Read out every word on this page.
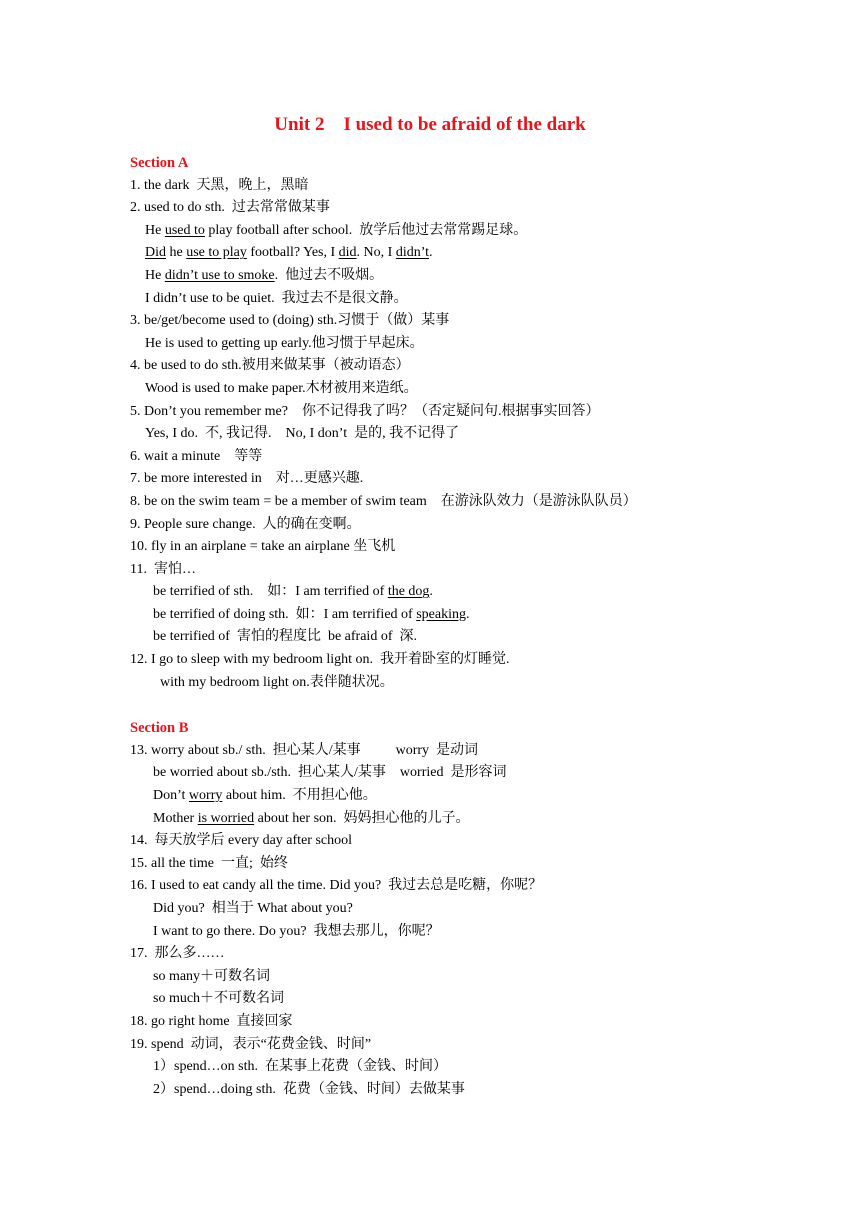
Unit 2    I used to be afraid of the dark
Section A
1. the dark  天黑，晚上，黑暗
2. used to do sth.  过去常常做某事
He used to play football after school.  放学后他过去常常踢足球。
Did he use to play football? Yes, I did. No, I didn’t.
He didn’t use to smoke.  他过去不吸烟。
I didn’t use to be quiet.  我过去不是很文静。
3. be/get/become used to (doing) sth.习惯于（做）某事
He is used to getting up early.他习惯于早起床。
4. be used to do sth.被用来做某事（被动语态）
Wood is used to make paper.木材被用来造纸。
5. Don’t you remember me?    你不记得我了吗？（否定疑问句.根据事实回答）
Yes, I do.  不, 我记得.    No, I don’t  是的, 我不记得了
6. wait a minute    等等
7. be more interested in    对…更感兴趣.
8. be on the swim team = be a member of swim team    在游泳队效力（是游泳队队员）
9. People sure change.  人的确在变啊。
10. fly in an airplane = take an airplane 坐飞机
11.  害怕…
be terrified of sth.    如：I am terrified of the dog.
be terrified of doing sth.  如：I am terrified of speaking.
be terrified of  害怕的程度比  be afraid of  深.
12. I go to sleep with my bedroom light on.  我开着卧室的灯睡觉.
with my bedroom light on.表伴随状况。
Section B
13. worry about sb./ sth.  担心某人/某事          worry  是动词
be worried about sb./sth.  担心某人/某事    worried  是形容词
Don’t worry about him.  不用担心他。
Mother is worried about her son.  妈妈担心他的儿子。
14.  每天放学后 every day after school
15. all the time  一直;  始终
16. I used to eat candy all the time. Did you?  我过去总是吃糖，你呢？
Did you?  相当于 What about you?
I want to go there. Do you?  我想去那儿，你呢？
17.  那么多……
so many＋可数名词
so much＋不可数名词
18. go right home  直接回家
19. spend  动词，表示“花费金钱、时间”
1）spend…on sth.  在某事上花费（金钱、时间）
2）spend…doing sth.  花费（金钱、时间）去做某事
